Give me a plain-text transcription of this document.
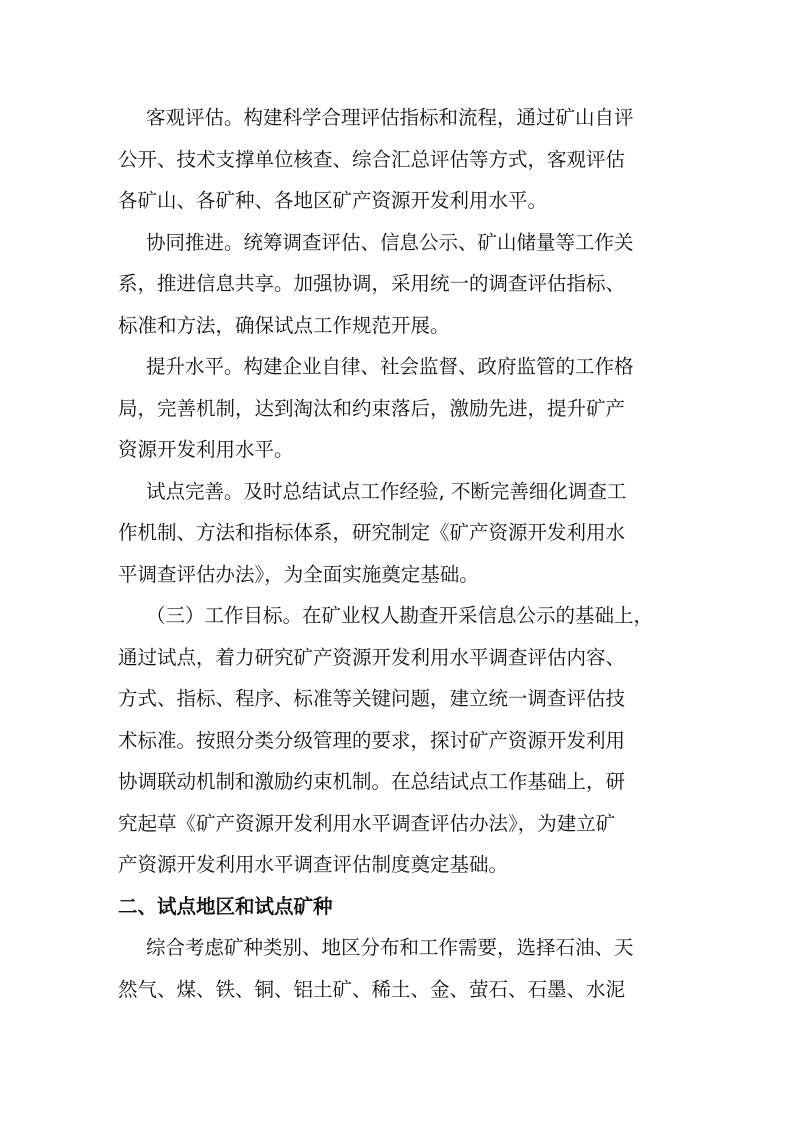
客观评估。构建科学合理评估指标和流程，通过矿山自评
公开、技术支撑单位核查、综合汇总评估等方式，客观评估
各矿山、各矿种、各地区矿产资源开发利用水平。

协同推进。统筹调查评估、信息公示、矿山储量等工作关
系，推进信息共享。加强协调，采用统一的调查评估指标、
标准和方法，确保试点工作规范开展。

提升水平。构建企业自律、社会监督、政府监管的工作格
局，完善机制，达到淘汰和约束落后，激励先进，提升矿产
资源开发利用水平。

试点完善。及时总结试点工作经验, 不断完善细化调查工
作机制、方法和指标体系，研究制定《矿产资源开发利用水
平调查评估办法》，为全面实施奠定基础。

（三）工作目标。在矿业权人勘查开采信息公示的基础上，
通过试点，着力研究矿产资源开发利用水平调查评估内容、
方式、指标、程序、标准等关键问题，建立统一调查评估技
术标准。按照分类分级管理的要求，探讨矿产资源开发利用
协调联动机制和激励约束机制。在总结试点工作基础上，研
究起草《矿产资源开发利用水平调查评估办法》，为建立矿
产资源开发利用水平调查评估制度奠定基础。

二、试点地区和试点矿种

综合考虑矿种类别、地区分布和工作需要，选择石油、天
然气、煤、铁、铜、铝土矿、稀土、金、萤石、石墨、水泥
